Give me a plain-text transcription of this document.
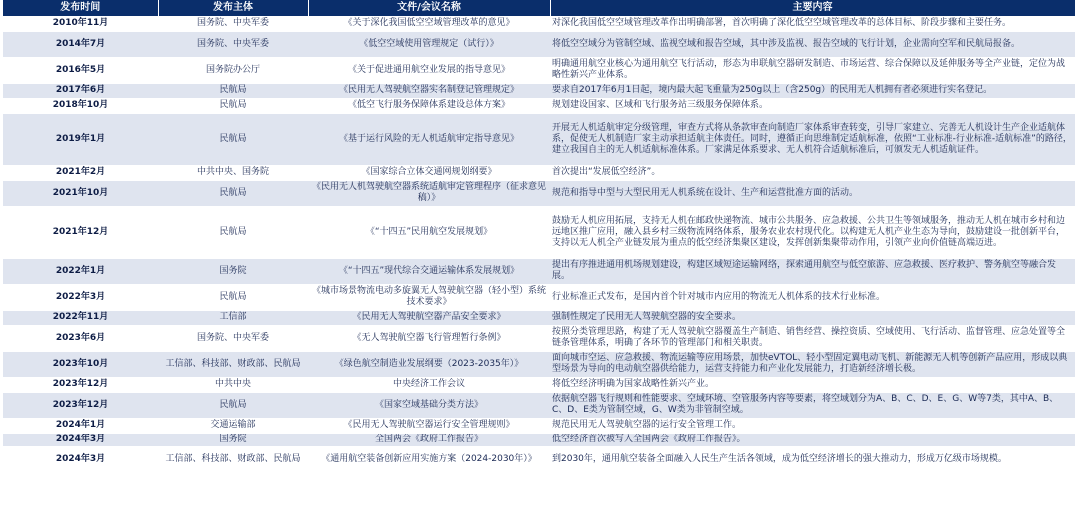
发布时间	发布主体	文件/会议名称	主要内容
2010年11月	国务院、中央军委	《关于深化我国低空空域管理改革的意见》	对深化我国低空空域管理改革作出明确部署，首次明确了深化低空空域管理改革的总体目标、阶段步骤和主要任务。
2014年7月	国务院、中央军委	《低空空域使用管理规定（试行）》	将低空空域分为管制空域、监视空域和报告空域，其中涉及监视、报告空域的飞行计划，企业需向空军和民航局报备。
2016年5月	国务院办公厅	《关于促进通用航空业发展的指导意见》	明确通用航空业核心为通用航空飞行活动，形态为串联航空器研发制造、市场运营、综合保障以及延伸服务等全产业链，定位为战略性新兴产业体系。
2017年6月	民航局	《民用无人驾驶航空器实名制登记管理规定》	要求自2017年6月1日起，境内最大起飞重量为250g以上（含250g）的民用无人机拥有者必须进行实名登记。
2018年10月	民航局	《低空飞行服务保障体系建设总体方案》	规划建设国家、区域和飞行服务站三级服务保障体系。
2019年1月	民航局	《基于运行风险的无人机适航审定指导意见》	开展无人机适航审定分级管理，审查方式将从条款审查向制造厂家体系审查转变，引导厂家建立、完善无人机设计生产企业适航体系，促使无人机制造厂家主动承担适航主体责任。同时，遵循正向思维制定适航标准，依照“工业标准-行业标准-适航标准”的路径，建立我国自主的无人机适航标准体系。厂家满足体系要求、无人机符合适航标准后，可颁发无人机适航证件。
2021年2月	中共中央、国务院	《国家综合立体交通网规划纲要》	首次提出“发展低空经济”。
2021年10月	民航局	《民用无人机驾驶航空器系统适航审定管理程序（征求意见稿）》	规范和指导中型与大型民用无人机系统在设计、生产和运营批准方面的活动。
2021年12月	民航局	《“十四五”民用航空发展规划》	鼓励无人机应用拓展，支持无人机在邮政快递物流、城市公共服务、应急救援、公共卫生等领域服务，推动无人机在城市乡村和边远地区推广应用，融入县乡村三级物流网络体系，服务农业农村现代化。以构建无人机产业生态为导向，鼓励建设一批创新平台，支持以无人机全产业链发展为重点的低空经济集聚区建设，发挥创新集聚带动作用，引领产业向价值链高端迈进。
2022年1月	国务院	《“十四五”现代综合交通运输体系发展规划》	提出有序推进通用机场规划建设，构建区域短途运输网络，探索通用航空与低空旅游、应急救援、医疗救护、警务航空等融合发展。
2022年3月	民航局	《城市场景物流电动多旋翼无人驾驶航空器（轻小型）系统技术要求》	行业标准正式发布，是国内首个针对城市内应用的物流无人机体系的技术行业标准。
2022年11月	工信部	《民用无人驾驶航空器产品安全要求》	强制性规定了民用无人驾驶航空器的安全要求。
2023年6月	国务院、中央军委	《无人驾驶航空器飞行管理暂行条例》	按照分类管理思路，构建了无人驾驶航空器覆盖生产制造、销售经营、操控资质、空域使用、飞行活动、监督管理、应急处置等全链条管理体系，明确了各环节的管理部门和相关职责。
2023年10月	工信部、科技部、财政部、民航局	《绿色航空制造业发展纲要（2023-2035年）》	面向城市空运、应急救援、物流运输等应用场景，加快eVTOL、轻小型固定翼电动飞机、新能源无人机等创新产品应用，形成以典型场景为导向的电动航空器供给能力，运营支持能力和产业化发展能力，打造新经济增长极。
2023年12月	中共中央	中央经济工作会议	将低空经济明确为国家战略性新兴产业。
2023年12月	民航局	《国家空域基础分类方法》	依据航空器飞行规则和性能要求、空域环境、空管服务内容等要素，将空域划分为A、B、C、D、E、G、W等7类，其中A、B、C、D、E类为管制空域，G、W类为非管制空域。
2024年1月	交通运输部	《民用无人驾驶航空器运行安全管理规则》	规范民用无人驾驶航空器的运行安全管理工作。
2024年3月	国务院	全国两会《政府工作报告》	低空经济首次被写入全国两会《政府工作报告》。
2024年3月	工信部、科技部、财政部、民航局	《通用航空装备创新应用实施方案（2024-2030年）》	到2030年，通用航空装备全面融入人民生产生活各领域，成为低空经济增长的强大推动力，形成万亿级市场规模。
